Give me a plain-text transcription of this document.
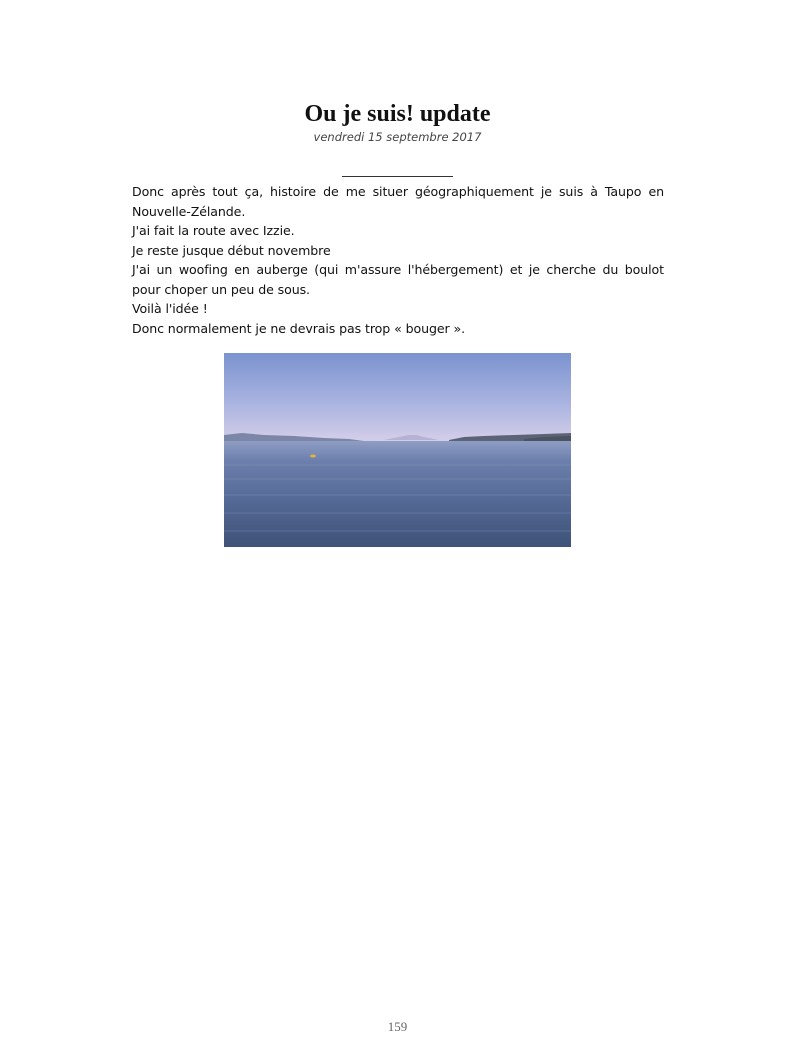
Ou je suis! update
vendredi 15 septembre 2017

Donc après tout ça, histoire de me situer géographiquement je suis à Taupo en Nouvelle-Zélande.

J'ai fait la route avec Izzie.

Je reste jusque début novembre

J'ai un woofing en auberge (qui m'assure l'hébergement) et je cherche du boulot pour choper un peu de sous.

Voilà l'idée !

Donc normalement je ne devrais pas trop « bouger ».

159
